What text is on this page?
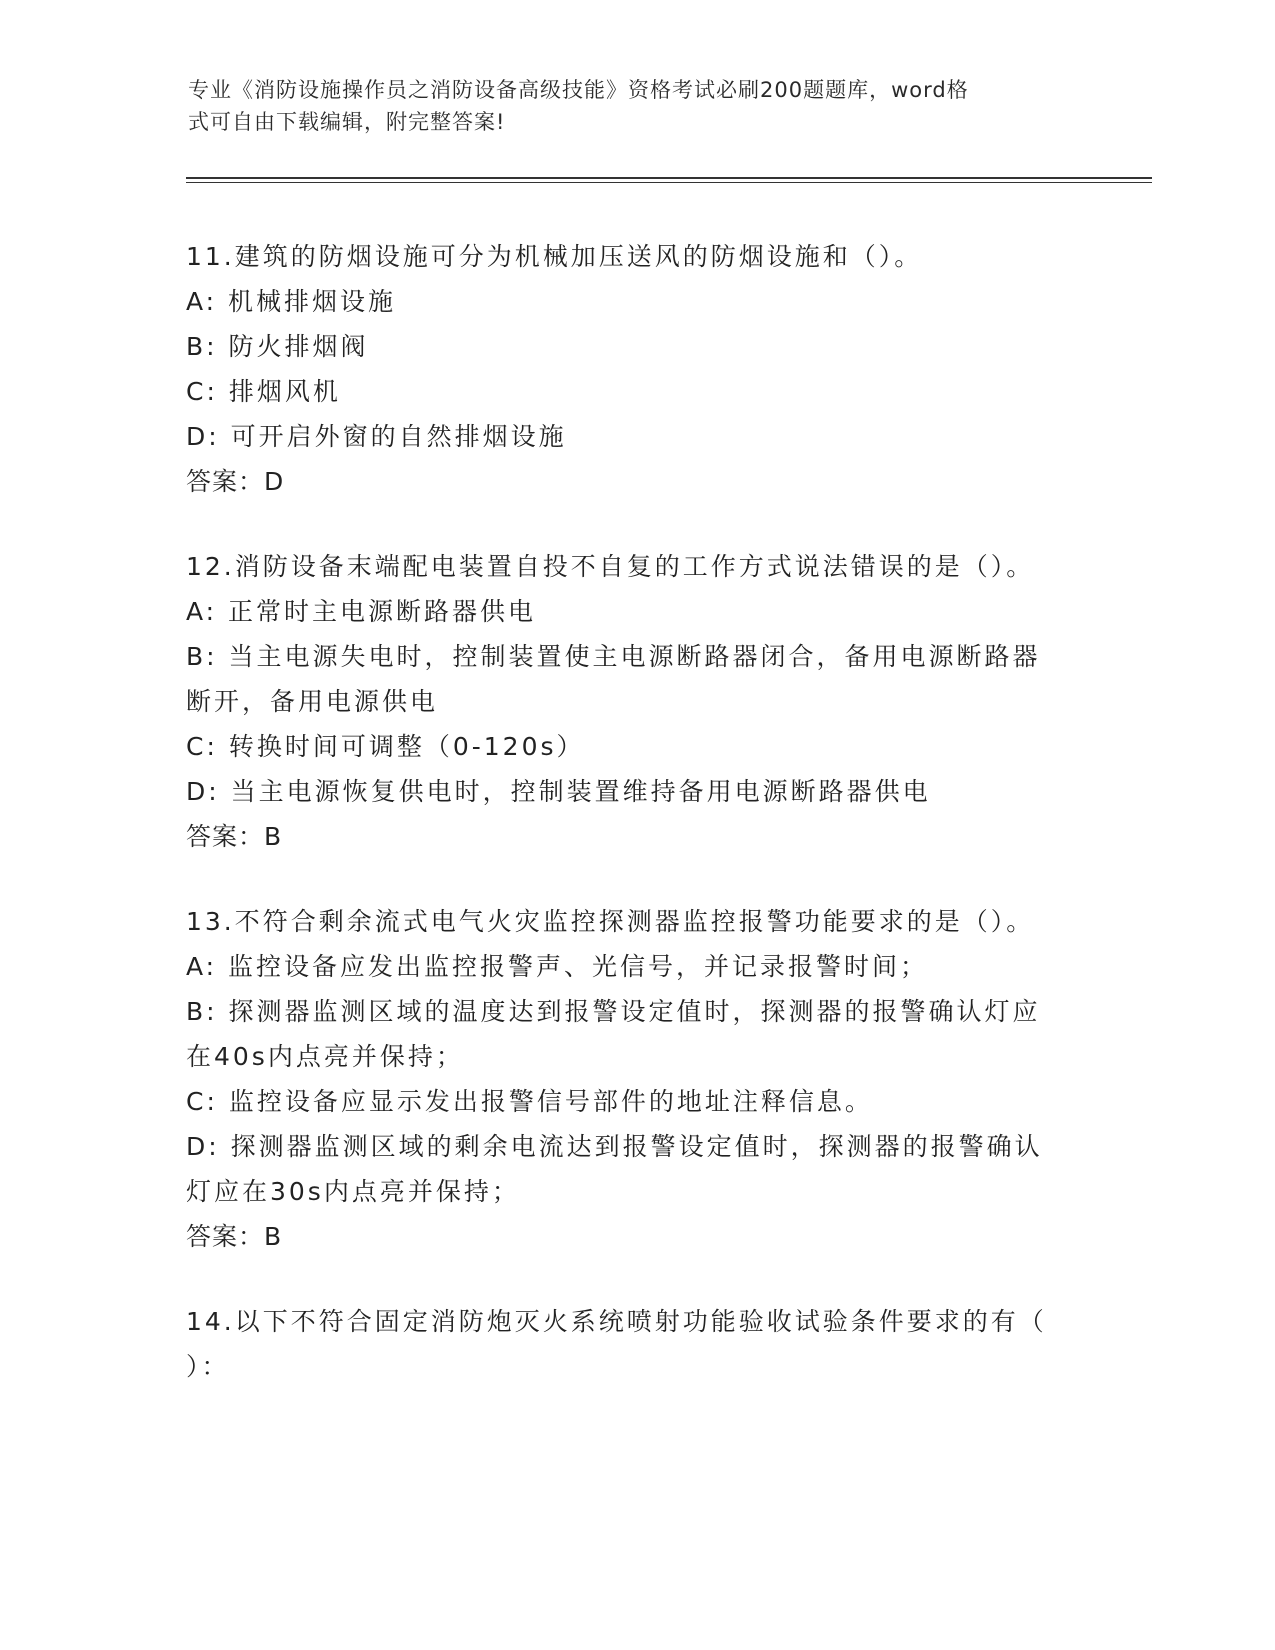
专业《消防设施操作员之消防设备高级技能》资格考试必刷200题题库，word格
式可自由下载编辑，附完整答案!
11.建筑的防烟设施可分为机械加压送风的防烟设施和（）。
A: 机械排烟设施
B: 防火排烟阀
C: 排烟风机
D: 可开启外窗的自然排烟设施
答案：D
12.消防设备末端配电装置自投不自复的工作方式说法错误的是（）。
A: 正常时主电源断路器供电
B: 当主电源失电时，控制装置使主电源断路器闭合，备用电源断路器
断开，备用电源供电
C: 转换时间可调整（0-120s）
D: 当主电源恢复供电时，控制装置维持备用电源断路器供电
答案：B
13.不符合剩余流式电气火灾监控探测器监控报警功能要求的是（）。
A: 监控设备应发出监控报警声、光信号，并记录报警时间；
B: 探测器监测区域的温度达到报警设定值时，探测器的报警确认灯应
在40s内点亮并保持；
C: 监控设备应显示发出报警信号部件的地址注释信息。
D: 探测器监测区域的剩余电流达到报警设定值时，探测器的报警确认
灯应在30s内点亮并保持；
答案：B
14.以下不符合固定消防炮灭火系统喷射功能验收试验条件要求的有（
）：
